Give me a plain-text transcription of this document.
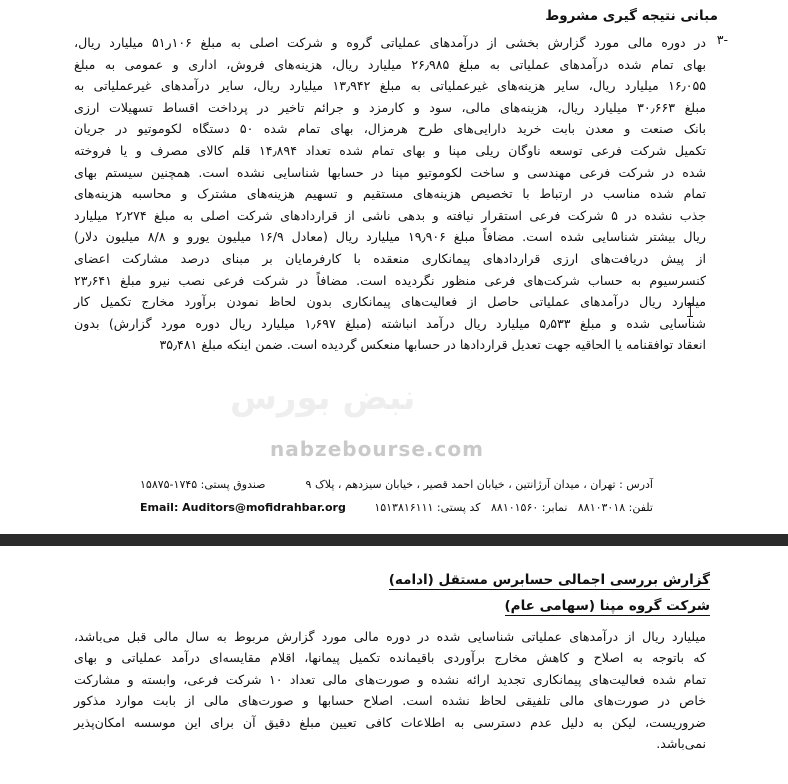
نبض بورس
مبانی نتیجه گیری مشروط
۳-
در دوره مالی مورد گزارش بخشی از درآمدهای عملیاتی گروه و شرکت اصلی به مبلغ ۱۰۶ر۵۱ میلیارد ریال،
بهای تمام شده درآمدهای عملیاتی به مبلغ ۲۶٫۹۸۵ میلیارد ریال، هزینه‌های فروش، اداری و عمومی به مبلغ
۱۶٫۰۵۵ میلیارد ریال، سایر هزینه‌های غیرعملیاتی به مبلغ ۱۳٫۹۴۲ میلیارد ریال، سایر درآمدهای غیرعملیاتی به
مبلغ ۳۰٫۶۶۳ میلیارد ریال، هزینه‌های مالی، سود و کارمزد و جرائم تاخیر در پرداخت اقساط تسهیلات ارزی
بانک صنعت و معدن بابت خرید دارایی‌های طرح هرمزال، بهای تمام شده ۵۰ دستگاه لکوموتیو در جریان
تکمیل شرکت فرعی توسعه ناوگان ریلی مپنا و بهای تمام شده تعداد ۱۴٫۸۹۴ قلم کالای مصرف و یا فروخته
شده در شرکت فرعی مهندسی و ساخت لکوموتیو مپنا در حسابها شناسایی نشده است. همچنین سیستم بهای
تمام شده مناسب در ارتباط با تخصیص هزینه‌های مستقیم و تسهیم هزینه‌های مشترک و محاسبه هزینه‌های
جذب نشده در ۵ شرکت فرعی استقرار نیافته و بدهی ناشی از قراردادهای شرکت اصلی به مبلغ ۲٫۲۷۴ میلیارد
ریال بیشتر شناسایی شده است. مضافاً مبلغ ۱۹٫۹۰۶ میلیارد ریال (معادل ۱۶/۹ میلیون یورو و ۸/۸ میلیون دلار)
از پیش دریافت‌های ارزی قراردادهای پیمانکاری منعقده با کارفرمایان بر مبنای درصد مشارکت اعضای
کنسرسیوم به حساب شرکت‌های فرعی منظور نگردیده است. مضافاً در شرکت فرعی نصب نیرو مبلغ ۲۳٫۶۴۱
میلیارد ریال درآمدهای عملیاتی حاصل از فعالیت‌های پیمانکاری بدون لحاظ نمودن برآورد مخارج تکمیل کار
شناسایی شده و مبلغ ۵٫۵۳۳ میلیارد ریال درآمد انباشته (مبلغ ۱٫۶۹۷ میلیارد ریال دوره مورد گزارش) بدون
انعقاد توافقنامه یا الحاقیه جهت تعدیل قراردادها در حسابها منعکس گردیده است. ضمن اینکه مبلغ ۳۵٫۴۸۱
nabzebourse.com
آدرس : تهران ، میدان آرژانتین ، خیابان احمد قصیر ، خیابان سیزدهم ، پلاک ۹
صندوق پستی: ۱۷۴۵-۱۵۸۷۵
تلفن: ۸۸۱۰۳۰۱۸   نمابر: ۸۸۱۰۱۵۶۰   کد پستی: ۱۵۱۳۸۱۶۱۱۱
Email: Auditors@mofidrahbar.org
گزارش بررسی اجمالی حسابرس مستقل (ادامه)
شرکت گروه مپنا (سهامی عام)
میلیارد ریال از درآمدهای عملیاتی شناسایی شده در دوره مالی مورد گزارش مربوط به سال مالی قبل می‌باشد،
که باتوجه به اصلاح و کاهش مخارج برآوردی باقیمانده تکمیل پیمانها، اقلام مقایسه‌ای درآمد عملیاتی و بهای
تمام شده فعالیت‌های پیمانکاری تجدید ارائه نشده و صورت‌های مالی تعداد ۱۰ شرکت فرعی، وابسته و مشارکت
خاص در صورت‌های مالی تلفیقی لحاظ نشده است. اصلاح حسابها و صورت‌های مالی از بابت موارد مذکور
ضروریست، لیکن به دلیل عدم دسترسی به اطلاعات کافی تعیین مبلغ دقیق آن برای این موسسه امکان‌پذیر
نمی‌باشد.
